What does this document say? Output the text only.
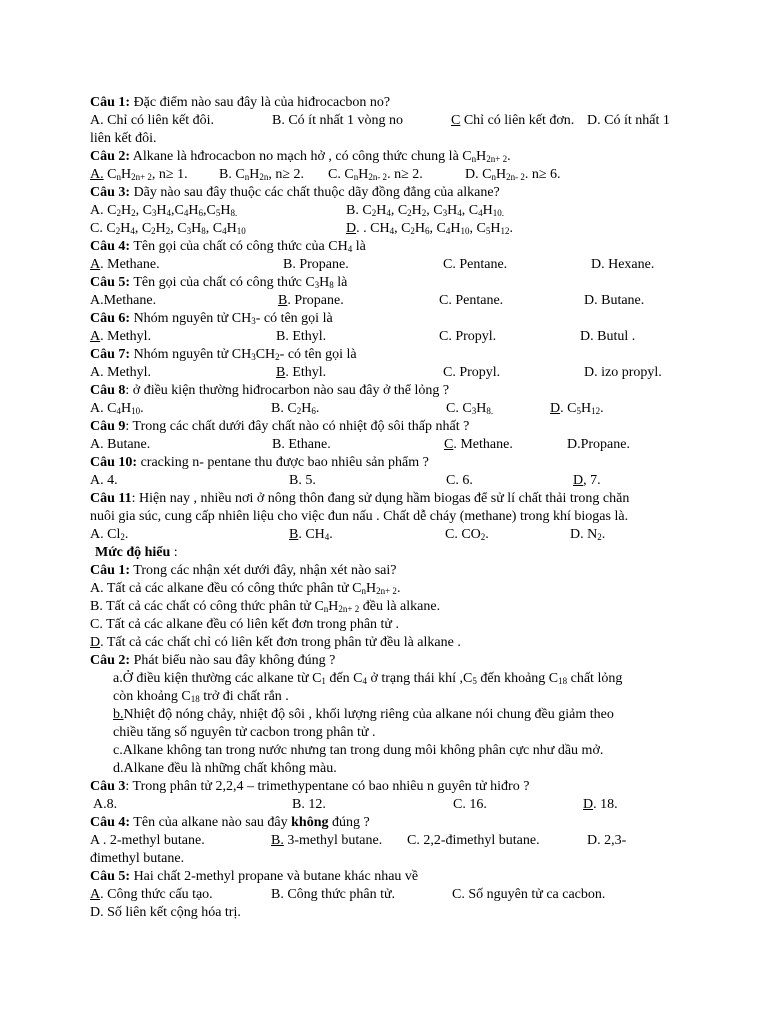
Câu 1: Đặc điểm nào sau đây là của hiđrocacbon no?
A. Chỉ có liên kết đôi.	B. Có ít nhất 1 vòng no	C Chỉ có liên kết đơn. D. Có ít nhất 1
liên kết đôi.
Câu 2: Alkane là hđrocacbon no mạch hở , có công thức chung là $C_nH_{2n+ 2}$.
A. $C_nH_{2n+ 2}$, n≥ 1. B. $C_nH_{2n}$, n≥ 2. C. $C_nH_{2n- 2}$. n≥ 2.	D. $C_nH_{2n- 2}$. n≥ 6.
Câu 3: Dãy nào sau đây thuộc các chất thuộc dãy đồng đẳng của alkane?
A. $C_2H_2$, $C_3H_4,C_4H_6,C_5H_{8.}$	B. $C_2H_4$, $C_2H_2$, $C_3H_4$, $C_4H_{10.}$
C. $C_2H_4$, $C_2H_2$, $C_3H_8$, $C_4H_{10}$	D. . $CH_4$, $C_2H_6$, $C_4H_{10}$, $C_5H_{12}$.
Câu 4: Tên gọi của chất có công thức của $CH_4$ là
A. Methane.	B. Propane.	C. Pentane.	D. Hexane.
Câu 5: Tên gọi của chất có công thức $C_3H_8$ là
A.Methane.	B. Propane.	C. Pentane.	D. Butane.
Câu 6: Nhóm nguyên tử $CH_3-$ có tên gọi là
A. Methyl.	B. Ethyl.	C. Propyl.	D. Butul .
Câu 7: Nhóm nguyên tử $CH_3CH_2-$ có tên gọi là
A. Methyl.	B. Ethyl.	C. Propyl.	D. izo propyl.
Câu 8: ở điều kiện thường hiđrocarbon nào sau đây ở thể lỏng ?
A. $C_4H_{10}$.	B. $C_2H_6$.	C. $C_3H_{8.}$	D. $C_5H_{12}$.
Câu 9: Trong các chất dưới đây chất nào có nhiệt độ sôi thấp nhất ?
A. Butane.	B. Ethane.	C. Methane.	D.Propane.
Câu 10: cracking n- pentane thu được bao nhiêu sản phẩm ?
A. 4.	B. 5.	C. 6.	D, 7.
Câu 11: Hiện nay , nhiều nơi ở nông thôn đang sử dụng hầm biogas để sử lí chất thải trong chăn
nuôi gia súc, cung cấp nhiên liệu cho việc đun nấu . Chất dễ cháy (methane) trong khí biogas là.
A. $Cl_2$.	B. $CH_4$.	C. $CO_2$.	D. $N_2$.
Mức độ hiểu :
Câu 1: Trong các nhận xét dưới đây, nhận xét nào sai?
A. Tất cả các alkane đều có công thức phân tử $C_nH_{2n+ 2}$.
B. Tất cả các chất có công thức phân tử $C_nH_{2n+ 2}$ đều là alkane.
C. Tất cả các alkane đều có liên kết đơn trong phân tử .
D. Tất cả các chất chỉ có liên kết đơn trong phân tử đều là alkane .
Câu 2: Phát biểu nào sau đây không đúng ?
a.Ở điều kiện thường các alkane từ $C_1$ đến $C_4$ ở trạng thái khí $,C_5$ đến khoảng $C_{18}$ chất lỏng
còn khoảng $C_{18}$ trở đi chất rắn .
b.Nhiệt độ nóng chảy, nhiệt độ sôi , khối lượng riêng của alkane nói chung đều giảm theo
chiều tăng số nguyên tử cacbon trong phân tử .
c.Alkane không tan trong nước nhưng tan trong dung môi không phân cực như dầu mở.
d.Alkane đều là những chất không màu.
Câu 3: Trong phân tử 2,2,4 – trimethypentane có bao nhiêu n guyên tử hiđro ?
A.8.	B. 12.	C. 16.	D. 18.
Câu 4: Tên của alkane nào sau đây không đúng ?
A . 2-methyl butane.	B. 3-methyl butane. C. 2,2-đimethyl butane.	D. 2,3-
đimethyl butane.
Câu 5: Hai chất 2-methyl propane và butane khác nhau về
A. Công thức cấu tạo.	B. Công thức phân tử.	C. Số nguyên tử ca cacbon.
D. Số liên kết cộng hóa trị.
